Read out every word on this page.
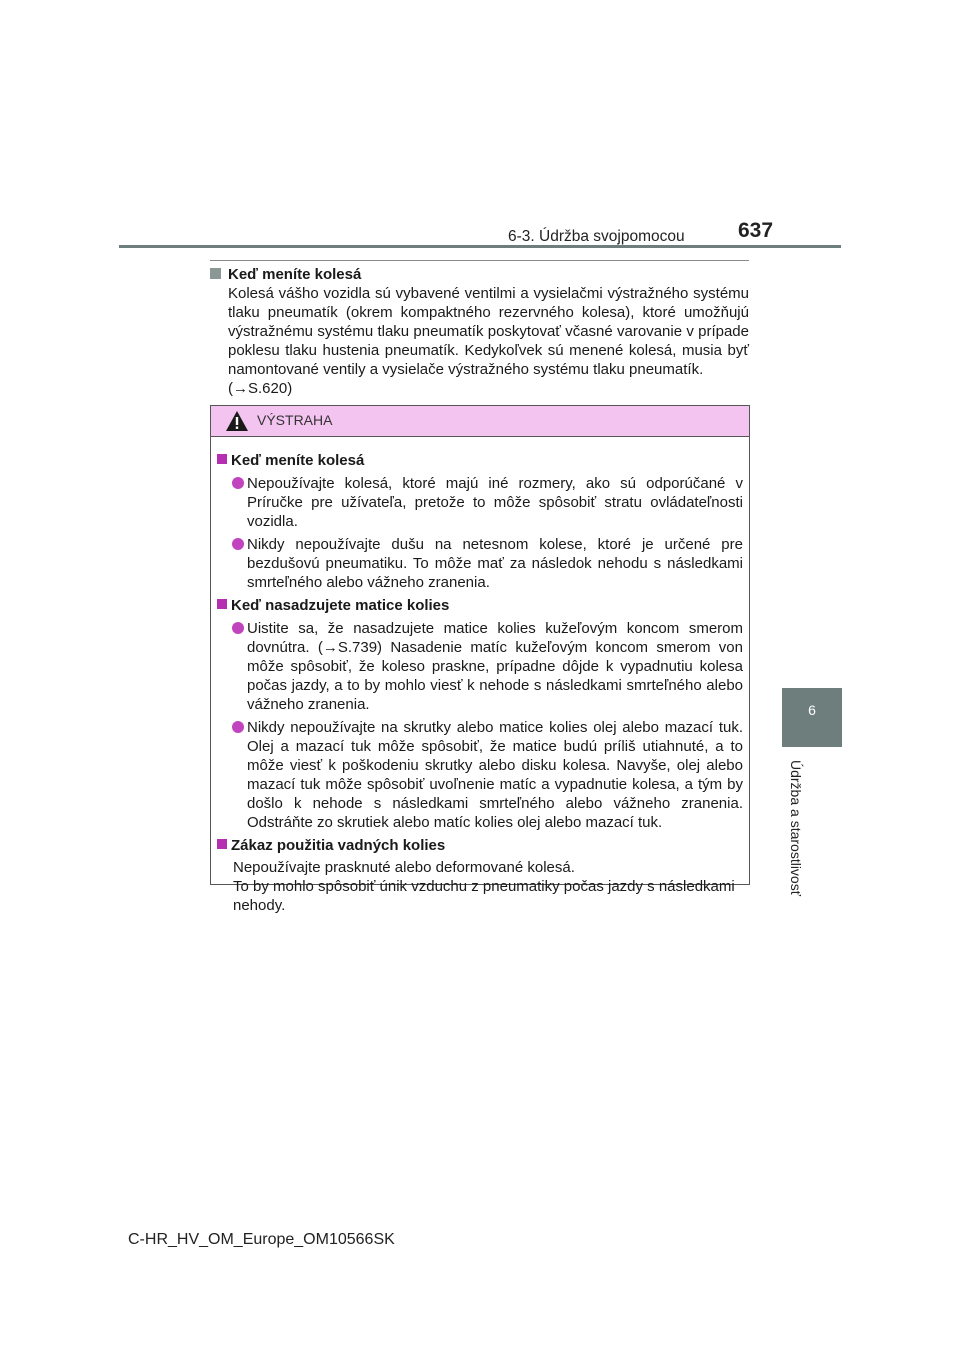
6-3. Údržba svojpomocou	637
6
Údržba a starostlivosť
Keď meníte kolesá
Kolesá vášho vozidla sú vybavené ventilmi a vysielačmi výstražného systému tlaku pneumatík (okrem kompaktného rezervného kolesa), ktoré umožňujú výstražnému systému tlaku pneumatík poskytovať včasné varovanie v prípade poklesu tlaku hustenia pneumatík. Kedykoľvek sú menené kolesá, musia byť namontované ventily a vysielače výstražného systému tlaku pneumatík.
(→S.620)
VÝSTRAHA
Keď meníte kolesá
Nepoužívajte kolesá, ktoré majú iné rozmery, ako sú odporúčané v Príručke pre užívateľa, pretože to môže spôsobiť stratu ovládateľnosti vozidla.
Nikdy nepoužívajte dušu na netesnom kolese, ktoré je určené pre bezdušovú pneumatiku. To môže mať za následok nehodu s následkami smrteľného alebo vážneho zranenia.
Keď nasadzujete matice kolies
Uistite sa, že nasadzujete matice kolies kužeľovým koncom smerom dovnútra. (→S.739) Nasadenie matíc kužeľovým koncom smerom von môže spôsobiť, že koleso praskne, prípadne dôjde k vypadnutiu kolesa počas jazdy, a to by mohlo viesť k nehode s následkami smrteľného alebo vážneho zranenia.
Nikdy nepoužívajte na skrutky alebo matice kolies olej alebo mazací tuk. Olej a mazací tuk môže spôsobiť, že matice budú príliš utiahnuté, a to môže viesť k poškodeniu skrutky alebo disku kolesa. Navyše, olej alebo mazací tuk môže spôsobiť uvoľnenie matíc a vypadnutie kolesa, a tým by došlo k nehode s následkami smrteľného alebo vážneho zranenia. Odstráňte zo skrutiek alebo matíc kolies olej alebo mazací tuk.
Zákaz použitia vadných kolies
Nepoužívajte prasknuté alebo deformované kolesá.
To by mohlo spôsobiť únik vzduchu z pneumatiky počas jazdy s následkami nehody.
C-HR_HV_OM_Europe_OM10566SK
